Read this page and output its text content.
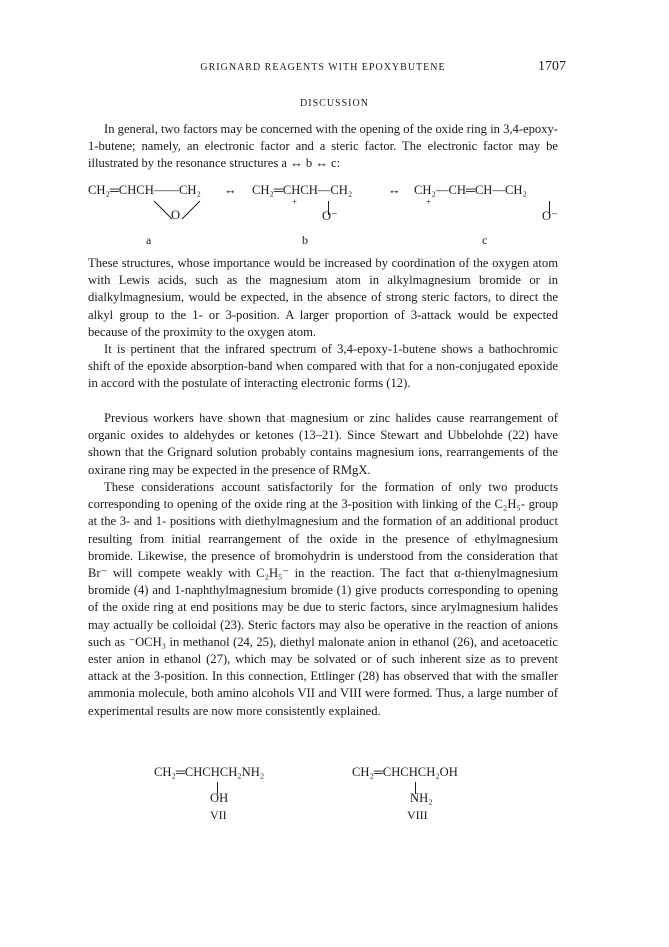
GRIGNARD REAGENTS WITH EPOXYBUTENE	1707
DISCUSSION

In general, two factors may be concerned with the opening of the oxide ring in 3,4-epoxy-1-butene; namely, an electronic factor and a steric factor. The electronic factor may be illustrated by the resonance structures a ↔ b ↔ c:

CH₂═CHCH——CH₂
O
a
↔ CH₂═CHCH—CH₂
+
O⁻
b
↔ CH₂—CH═CH—CH₂
+
O⁻
c

These structures, whose importance would be increased by coordination of the oxygen atom with Lewis acids, such as the magnesium atom in alkylmagnesium bromide or in dialkylmagnesium, would be expected, in the absence of strong steric factors, to direct the alkyl group to the 1- or 3-position. A larger proportion of 3-attack would be expected because of the proximity to the oxygen atom.

It is pertinent that the infrared spectrum of 3,4-epoxy-1-butene shows a bathochromic shift of the epoxide absorption-band when compared with that for a non-conjugated epoxide in accord with the postulate of interacting electronic forms (12).

Previous workers have shown that magnesium or zinc halides cause rearrangement of organic oxides to aldehydes or ketones (13–21). Since Stewart and Ubbelohde (22) have shown that the Grignard solution probably contains magnesium ions, rearrangements of the oxirane ring may be expected in the presence of RMgX.

These considerations account satisfactorily for the formation of only two products corresponding to opening of the oxide ring at the 3-position with linking of the C₂H₅- group at the 3- and 1- positions with diethylmagnesium and the formation of an additional product resulting from initial rearrangement of the oxide in the presence of ethylmagnesium bromide. Likewise, the presence of bromohydrin is understood from the consideration that Br⁻ will compete weakly with C₂H₅⁻ in the reaction. The fact that α-thienylmagnesium bromide (4) and 1-naphthylmagnesium bromide (1) give products corresponding to opening of the oxide ring at end positions may be due to steric factors, since arylmagnesium halides may actually be colloidal (23). Steric factors may also be operative in the reaction of anions such as ⁻OCH₃ in methanol (24, 25), diethyl malonate anion in ethanol (26), and acetoacetic ester anion in ethanol (27), which may be solvated or of such inherent size as to prevent attack at the 3-position. In this connection, Ettlinger (28) has observed that with the smaller ammonia molecule, both amino alcohols VII and VIII were formed. Thus, a large number of experimental results are now more consistently explained.

CH₂═CHCHCH₂NH₂
OH
VII
CH₂═CHCHCH₂OH
NH₂
VIII
